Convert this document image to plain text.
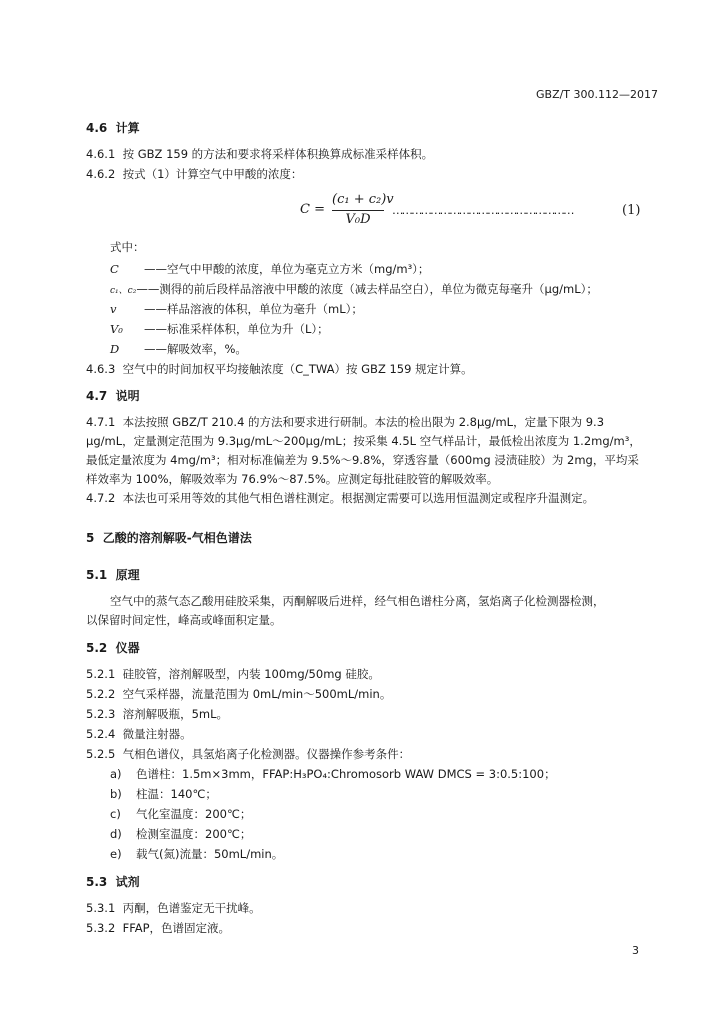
GBZ/T 300.112—2017
4.6 计算
4.6.1 按 GBZ 159 的方法和要求将采样体积换算成标准采样体积。
4.6.2 按式（1）计算空气中甲酸的浓度：
C =
(c₁ + c₂)v
V₀D
…………………………………………………	(1)
式中：
C ——空气中甲酸的浓度，单位为毫克立方米（mg/m³）；
c₁、c₂——测得的前后段样品溶液中甲酸的浓度（减去样品空白），单位为微克每毫升（μg/mL）；
v ——样品溶液的体积，单位为毫升（mL）；
V₀ ——标准采样体积，单位为升（L）；
D ——解吸效率，%。
4.6.3 空气中的时间加权平均接触浓度（C_TWA）按 GBZ 159 规定计算。
4.7 说明
4.7.1 本法按照 GBZ/T 210.4 的方法和要求进行研制。本法的检出限为 2.8μg/mL，定量下限为 9.3
μg/mL，定量测定范围为 9.3μg/mL～200μg/mL；按采集 4.5L 空气样品计，最低检出浓度为 1.2mg/m³，
最低定量浓度为 4mg/m³；相对标准偏差为 9.5%～9.8%，穿透容量（600mg 浸渍硅胶）为 2mg，平均采
样效率为 100%，解吸效率为 76.9%～87.5%。应测定每批硅胶管的解吸效率。
4.7.2 本法也可采用等效的其他气相色谱柱测定。根据测定需要可以选用恒温测定或程序升温测定。
5 乙酸的溶剂解吸-气相色谱法
5.1 原理
空气中的蒸气态乙酸用硅胶采集，丙酮解吸后进样，经气相色谱柱分离，氢焰离子化检测器检测，
以保留时间定性，峰高或峰面积定量。
5.2 仪器
5.2.1 硅胶管，溶剂解吸型，内装 100mg/50mg 硅胶。
5.2.2 空气采样器，流量范围为 0mL/min～500mL/min。
5.2.3 溶剂解吸瓶，5mL。
5.2.4 微量注射器。
5.2.5 气相色谱仪，具氢焰离子化检测器。仪器操作参考条件：
a) 色谱柱：1.5m×3mm，FFAP:H₃PO₄:Chromosorb WAW DMCS = 3:0.5:100；
b) 柱温：140℃；
c) 气化室温度：200℃；
d) 检测室温度：200℃；
e) 载气(氮)流量：50mL/min。
5.3 试剂
5.3.1 丙酮，色谱鉴定无干扰峰。
5.3.2 FFAP，色谱固定液。
3
